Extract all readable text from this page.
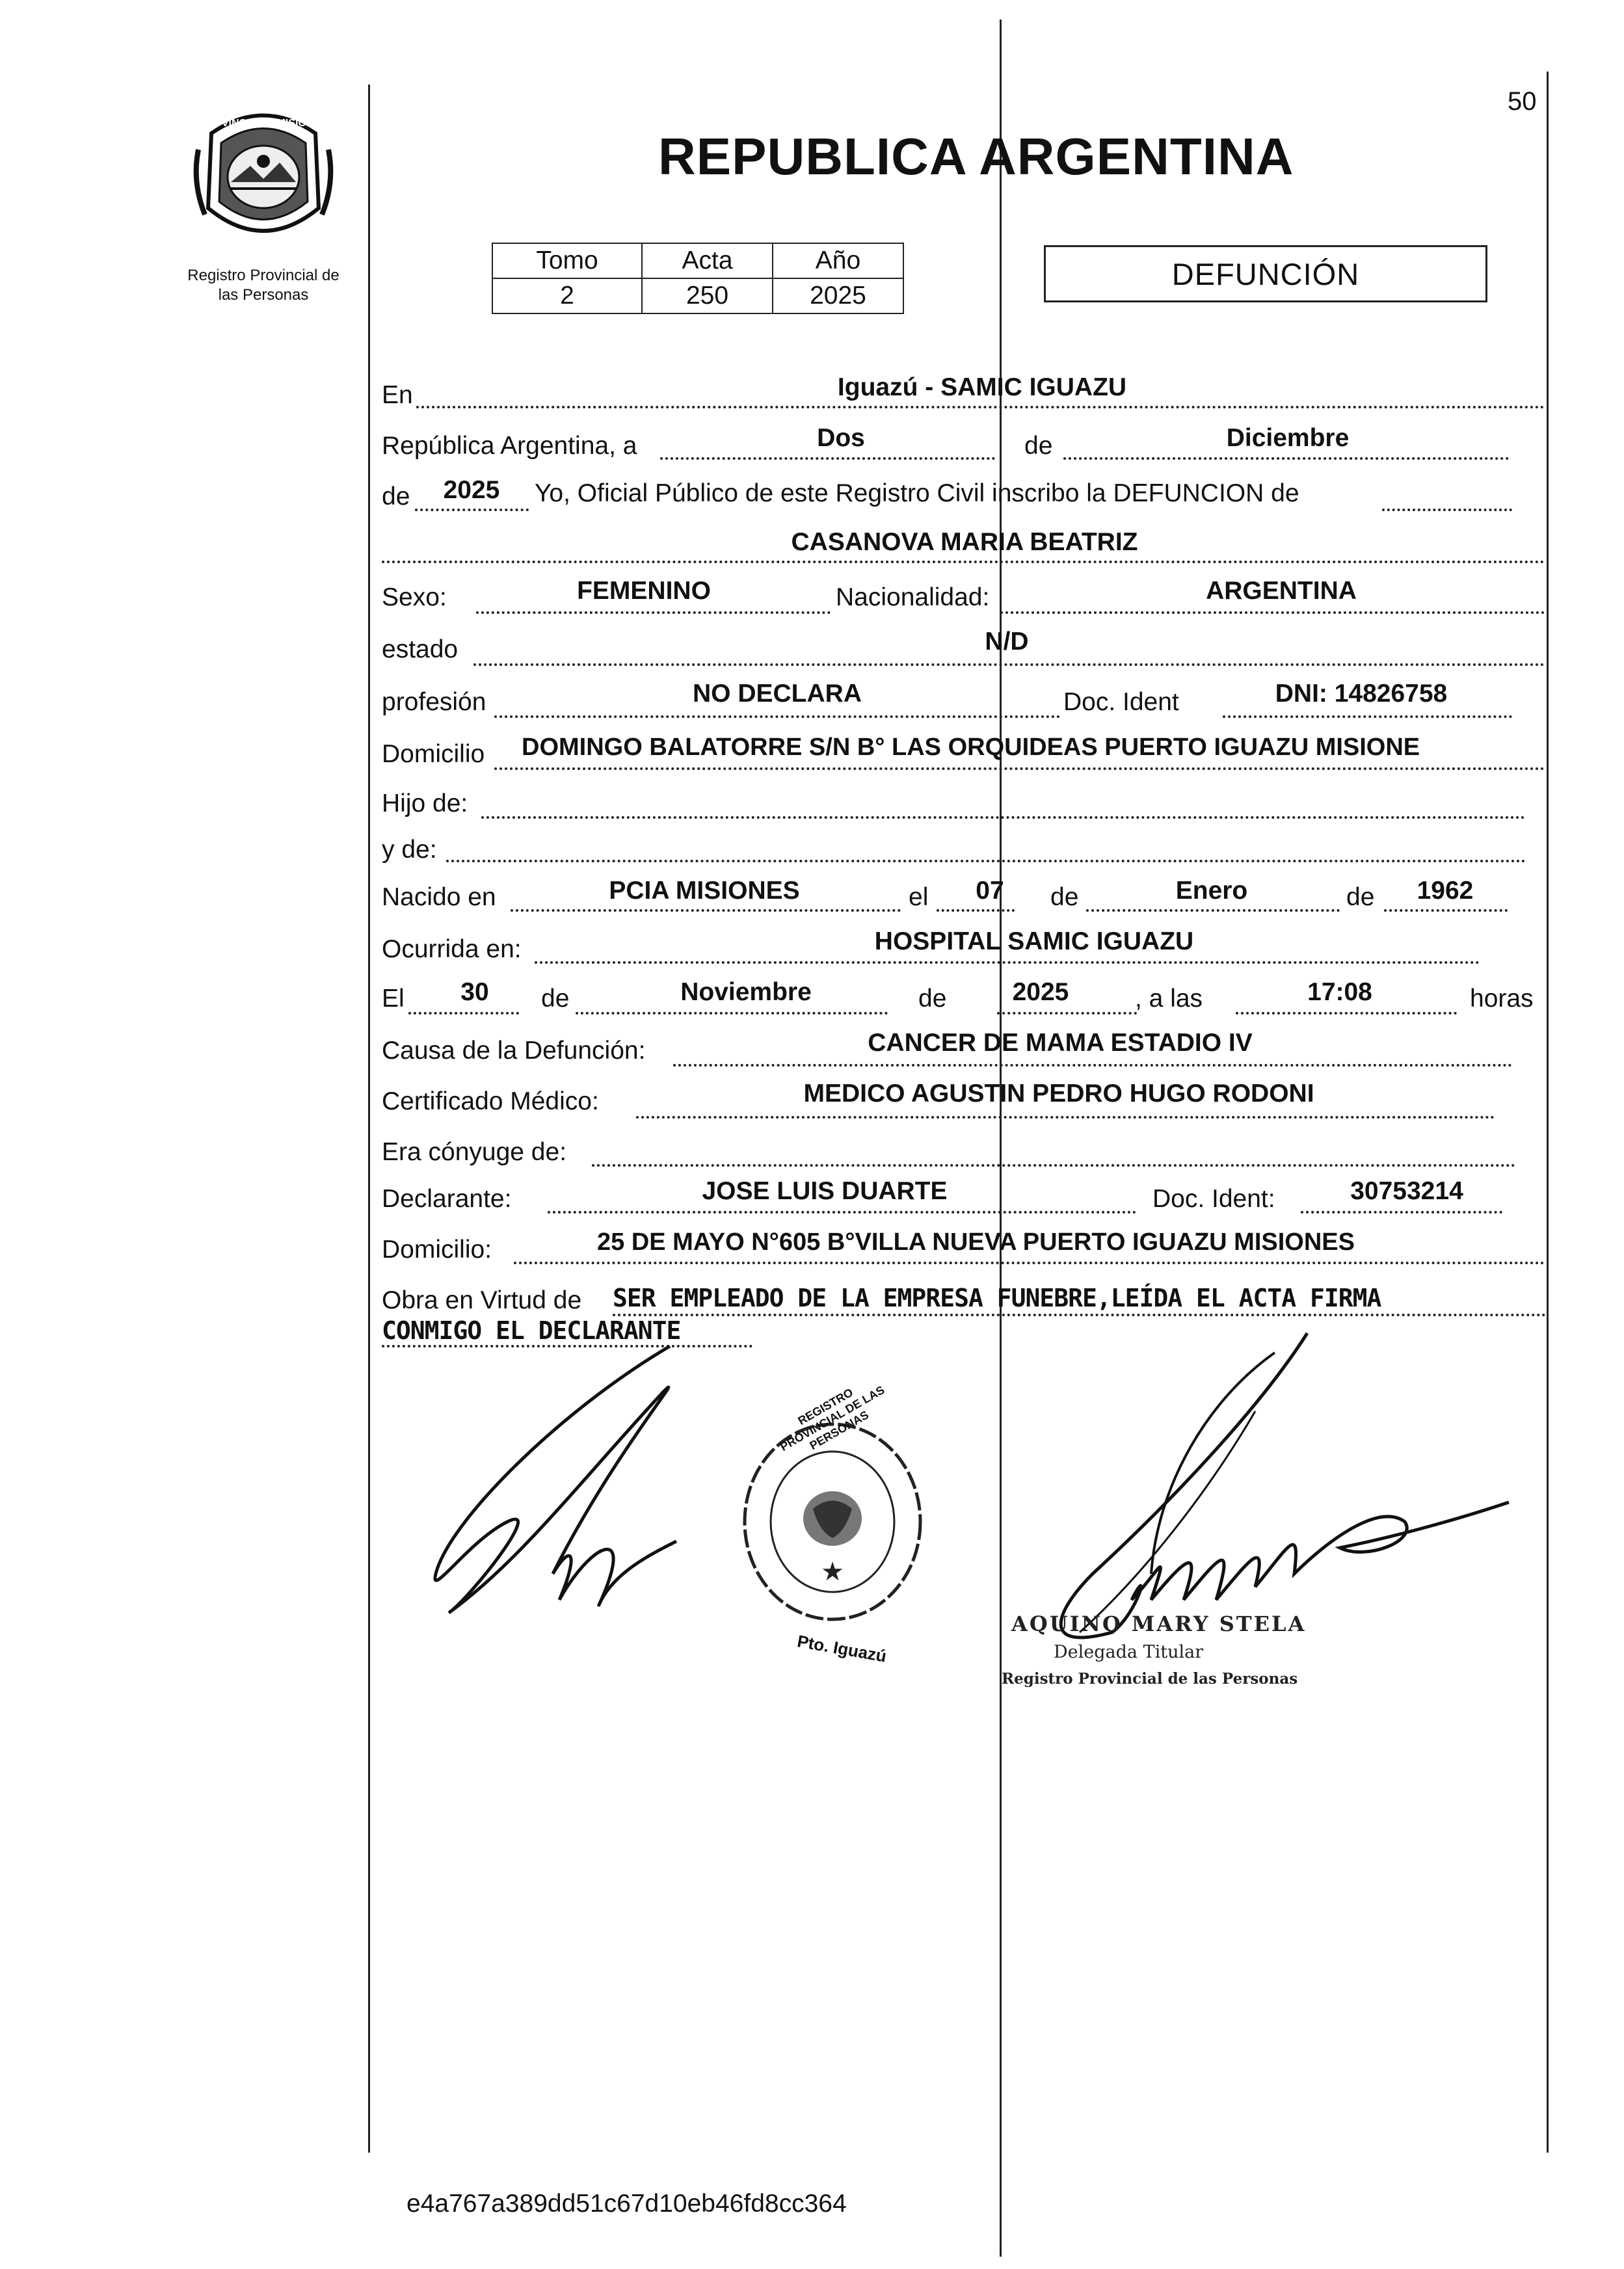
50
PROVINCIA DE MISIONES
Registro Provincial de
las Personas
REPUBLICA ARGENTINA
Tomo	Acta	Año
2	250	2025
DEFUNCIÓN
En	Iguazú - SAMIC IGUAZU
República Argentina, a	Dos	de	Diciembre
de 2025 Yo, Oficial Público de este Registro Civil inscribo la DEFUNCION de
CASANOVA MARIA BEATRIZ
Sexo:	FEMENINO	Nacionalidad:	ARGENTINA
estado	N/D
profesión	NO DECLARA	Doc. Ident	DNI: 14826758
Domicilio DOMINGO BALATORRE S/N B° LAS ORQUIDEAS PUERTO IGUAZU MISIONE
Hijo de:
y de:
Nacido en	PCIA MISIONES	el 07 de	Enero	de 1962
Ocurrida en:	HOSPITAL SAMIC IGUAZU
El 30 de	Noviembre	de	2025	, a las	17:08	horas
Causa de la Defunción:	CANCER DE MAMA ESTADIO IV
Certificado Médico:	MEDICO AGUSTIN PEDRO HUGO RODONI
Era cónyuge de:
Declarante:	JOSE LUIS DUARTE	Doc. Ident:	30753214
Domicilio:	25 DE MAYO N°605 B°VILLA NUEVA PUERTO IGUAZU MISIONES
Obra en Virtud de SER EMPLEADO DE LA EMPRESA FUNEBRE,LEÍDA EL ACTA FIRMA
CONMIGO EL DECLARANTE
★
REGISTRO PROVINCIAL DE LAS PERSONAS
Pto. Iguazú
AQUINO MARY STELA
Delegada Titular
Registro Provincial de las Personas
e4a767a389dd51c67d10eb46fd8cc364
